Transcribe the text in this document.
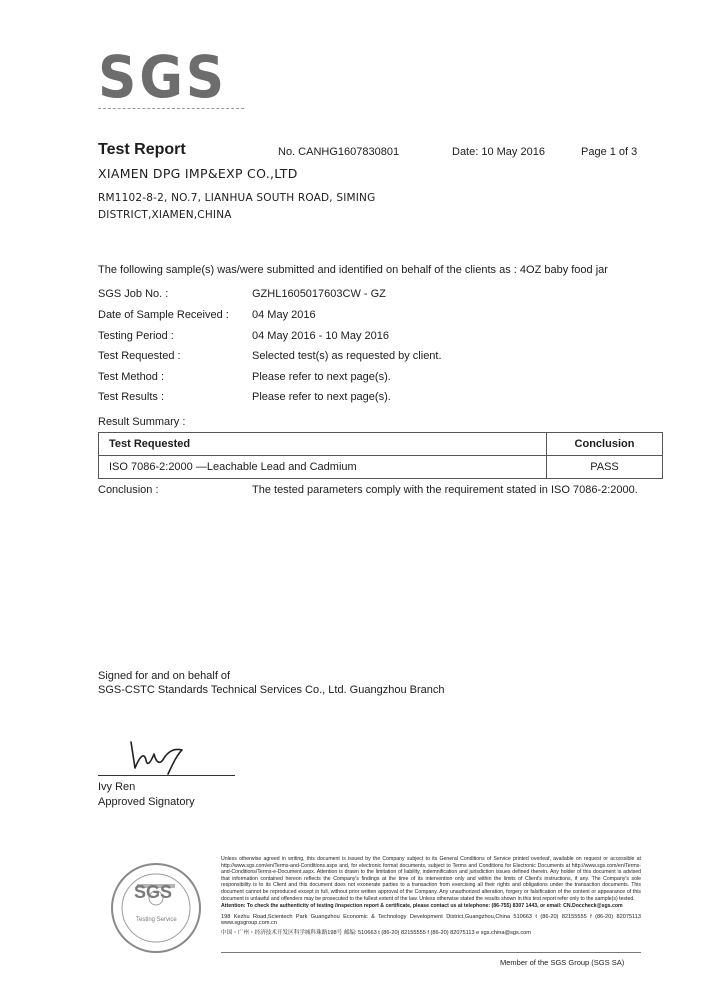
SGS
Test Report	No. CANHG1607830801	Date: 10 May 2016	Page 1 of 3
XIAMEN DPG IMP&EXP CO.,LTD
RM1102-8-2, NO.7, LIANHUA SOUTH ROAD, SIMING
DISTRICT,XIAMEN,CHINA
The following sample(s) was/were submitted and identified on behalf of the clients as : 4OZ baby food jar
SGS Job No. :	GZHL1605017603CW - GZ
Date of Sample Received : 04 May 2016
Testing Period :	04 May 2016 - 10 May 2016
Test Requested :	Selected test(s) as requested by client.
Test Method :	Please refer to next page(s).
Test Results :	Please refer to next page(s).
Result Summary :
Test Requested	Conclusion
ISO 7086-2:2000 —Leachable Lead and Cadmium	PASS
Conclusion :	The tested parameters comply with the requirement stated in ISO 7086-2:2000.
Signed for and on behalf of
SGS-CSTC Standards Technical Services Co., Ltd. Guangzhou Branch
Ivy Ren
Approved Signatory
SGS
Testing Service
Unless otherwise agreed in writing, this document is issued by the Company subject to its General Conditions of Service printed overleaf, available on request or accessible at http://www.sgs.com/en/Terms-and-Conditions.aspx and, for electronic format documents, subject to Terms and Conditions for Electronic Documents at http://www.sgs.com/en/Terms-and-Conditions/Terms-e-Document.aspx. Attention is drawn to the limitation of liability, indemnification and jurisdiction issues defined therein. Any holder of this document is advised that information contained hereon reflects the Company's findings at the time of its intervention only and within the limits of Client's instructions, if any. The Company's sole responsibility is to its Client and this document does not exonerate parties to a transaction from exercising all their rights and obligations under the transaction documents. This document cannot be reproduced except in full, without prior written approval of the Company. Any unauthorized alteration, forgery or falsification of the content or appearance of this document is unlawful and offenders may be prosecuted to the fullest extent of the law. Unless otherwise stated the results shown in this test report refer only to the sample(s) tested.
Attention: To check the authenticity of testing /inspection report & certificate, please contact us at telephone: (86-755) 8307 1443, or email: CN.Doccheck@sgs.com
198 Kezhu Road,Scientech Park Guangzhou Economic & Technology Development District,Guangzhou,China 510663 t (86-20) 82155555 f (86-20) 82075113 www.sgsgroup.com.cn
中国・广州・经济技术开发区科学城科珠路198号 邮编: 510663 t (86-20) 82155555 f (86-20) 82075113 e sgs.china@sgs.com
Member of the SGS Group (SGS SA)
